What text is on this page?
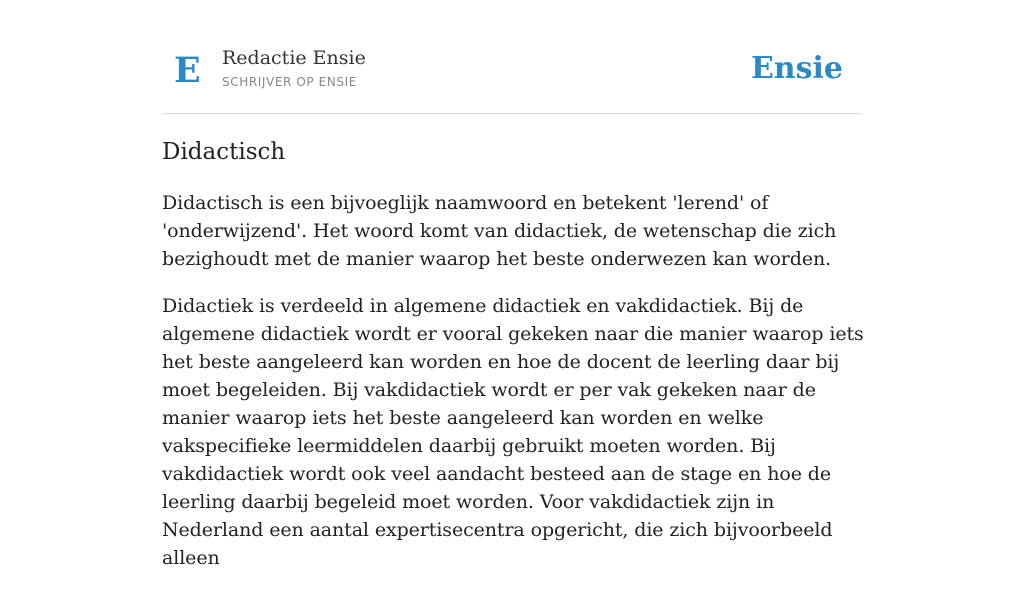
E Redactie Ensie
SCHRIJVER OP ENSIE	Ensie
Didactisch

Didactisch is een bijvoeglijk naamwoord en betekent 'lerend' of 'onderwijzend'. Het woord komt van didactiek, de wetenschap die zich bezighoudt met de manier waarop het beste onderwezen kan worden.

Didactiek is verdeeld in algemene didactiek en vakdidactiek. Bij de algemene didactiek wordt er vooral gekeken naar die manier waarop iets het beste aangeleerd kan worden en hoe de docent de leerling daar bij moet begeleiden. Bij vakdidactiek wordt er per vak gekeken naar de manier waarop iets het beste aangeleerd kan worden en welke vakspecifieke leermiddelen daarbij gebruikt moeten worden. Bij vakdidactiek wordt ook veel aandacht besteed aan de stage en hoe de leerling daarbij begeleid moet worden. Voor vakdidactiek zijn in Nederland een aantal expertisecentra opgericht, die zich bijvoorbeeld alleen
